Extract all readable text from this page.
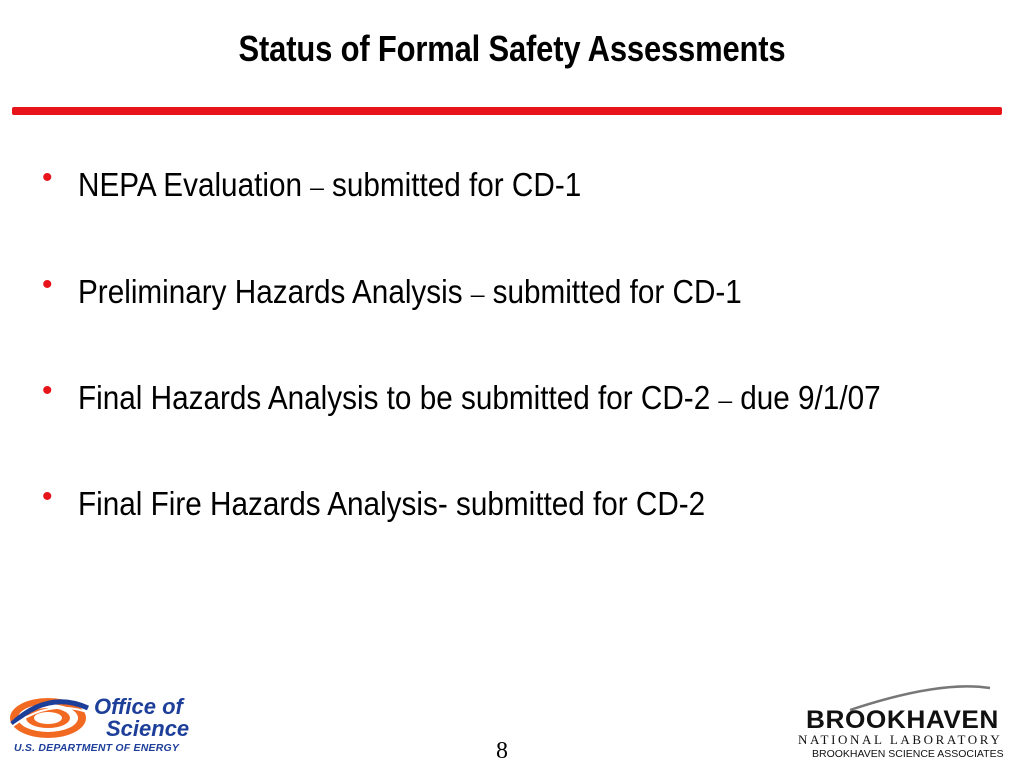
Status of Formal Safety Assessments
• NEPA Evaluation – submitted for CD-1
• Preliminary Hazards Analysis – submitted for CD-1
• Final Hazards Analysis to be submitted for CD-2 – due 9/1/07
• Final Fire Hazards Analysis- submitted for CD-2
Office of
Science
U.S. DEPARTMENT OF ENERGY	8
BROOKHAVEN
NATIONAL LABORATORY
BROOKHAVEN SCIENCE ASSOCIATES
